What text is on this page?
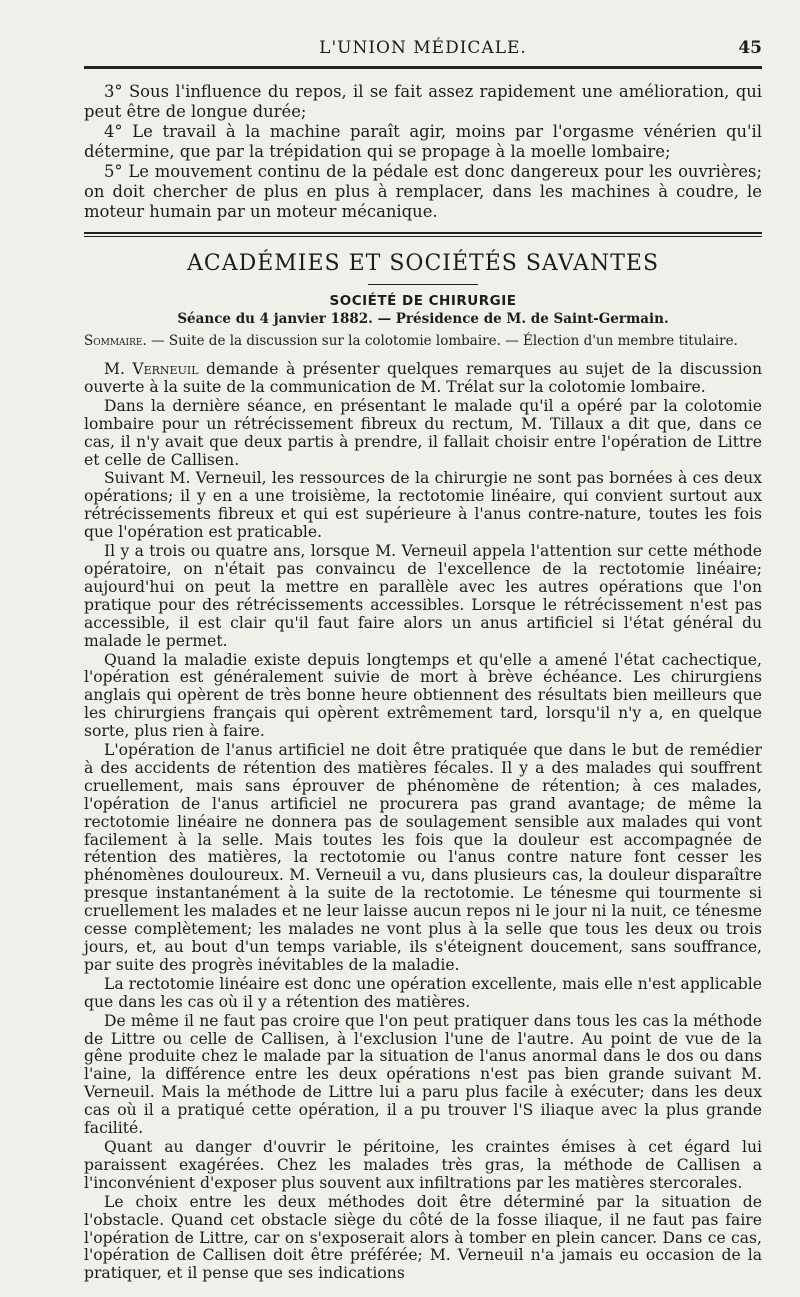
L'UNION MÉDICALE.	45

3° Sous l'influence du repos, il se fait assez rapidement une amélioration, qui peut être de longue durée;

4° Le travail à la machine paraît agir, moins par l'orgasme vénérien qu'il détermine, que par la trépidation qui se propage à la moelle lombaire;

5° Le mouvement continu de la pédale est donc dangereux pour les ouvrières; on doit chercher de plus en plus à remplacer, dans les machines à coudre, le moteur humain par un moteur mécanique.

ACADÉMIES ET SOCIÉTÉS SAVANTES
SOCIÉTÉ DE CHIRURGIE
Séance du 4 janvier 1882. — Présidence de M. de Saint-Germain.
Sommaire. — Suite de la discussion sur la colotomie lombaire. — Élection d'un membre titulaire.

M. Verneuil demande à présenter quelques remarques au sujet de la discussion ouverte à la suite de la communication de M. Trélat sur la colotomie lombaire.

Dans la dernière séance, en présentant le malade qu'il a opéré par la colotomie lombaire pour un rétrécissement fibreux du rectum, M. Tillaux a dit que, dans ce cas, il n'y avait que deux partis à prendre, il fallait choisir entre l'opération de Littre et celle de Callisen.

Suivant M. Verneuil, les ressources de la chirurgie ne sont pas bornées à ces deux opérations; il y en a une troisième, la rectotomie linéaire, qui convient surtout aux rétrécissements fibreux et qui est supérieure à l'anus contre-nature, toutes les fois que l'opération est praticable.

Il y a trois ou quatre ans, lorsque M. Verneuil appela l'attention sur cette méthode opératoire, on n'était pas convaincu de l'excellence de la rectotomie linéaire; aujourd'hui on peut la mettre en parallèle avec les autres opérations que l'on pratique pour des rétrécissements accessibles. Lorsque le rétrécissement n'est pas accessible, il est clair qu'il faut faire alors un anus artificiel si l'état général du malade le permet.

Quand la maladie existe depuis longtemps et qu'elle a amené l'état cachectique, l'opération est généralement suivie de mort à brève échéance. Les chirurgiens anglais qui opèrent de très bonne heure obtiennent des résultats bien meilleurs que les chirurgiens français qui opèrent extrêmement tard, lorsqu'il n'y a, en quelque sorte, plus rien à faire.

L'opération de l'anus artificiel ne doit être pratiquée que dans le but de remédier à des accidents de rétention des matières fécales. Il y a des malades qui souffrent cruellement, mais sans éprouver de phénomène de rétention; à ces malades, l'opération de l'anus artificiel ne procurera pas grand avantage; de même la rectotomie linéaire ne donnera pas de soulagement sensible aux malades qui vont facilement à la selle. Mais toutes les fois que la douleur est accompagnée de rétention des matières, la rectotomie ou l'anus contre nature font cesser les phénomènes douloureux. M. Verneuil a vu, dans plusieurs cas, la douleur disparaître presque instantanément à la suite de la rectotomie. Le ténesme qui tourmente si cruellement les malades et ne leur laisse aucun repos ni le jour ni la nuit, ce ténesme cesse complètement; les malades ne vont plus à la selle que tous les deux ou trois jours, et, au bout d'un temps variable, ils s'éteignent doucement, sans souffrance, par suite des progrès inévitables de la maladie.

La rectotomie linéaire est donc une opération excellente, mais elle n'est applicable que dans les cas où il y a rétention des matières.

De même il ne faut pas croire que l'on peut pratiquer dans tous les cas la méthode de Littre ou celle de Callisen, à l'exclusion l'une de l'autre. Au point de vue de la gêne produite chez le malade par la situation de l'anus anormal dans le dos ou dans l'aine, la différence entre les deux opérations n'est pas bien grande suivant M. Verneuil. Mais la méthode de Littre lui a paru plus facile à exécuter; dans les deux cas où il a pratiqué cette opération, il a pu trouver l'S iliaque avec la plus grande facilité.

Quant au danger d'ouvrir le péritoine, les craintes émises à cet égard lui paraissent exagérées. Chez les malades très gras, la méthode de Callisen a l'inconvénient d'exposer plus souvent aux infiltrations par les matières stercorales.

Le choix entre les deux méthodes doit être déterminé par la situation de l'obstacle. Quand cet obstacle siège du côté de la fosse iliaque, il ne faut pas faire l'opération de Littre, car on s'exposerait alors à tomber en plein cancer. Dans ce cas, l'opération de Callisen doit être préférée; M. Verneuil n'a jamais eu occasion de la pratiquer, et il pense que ses indications
